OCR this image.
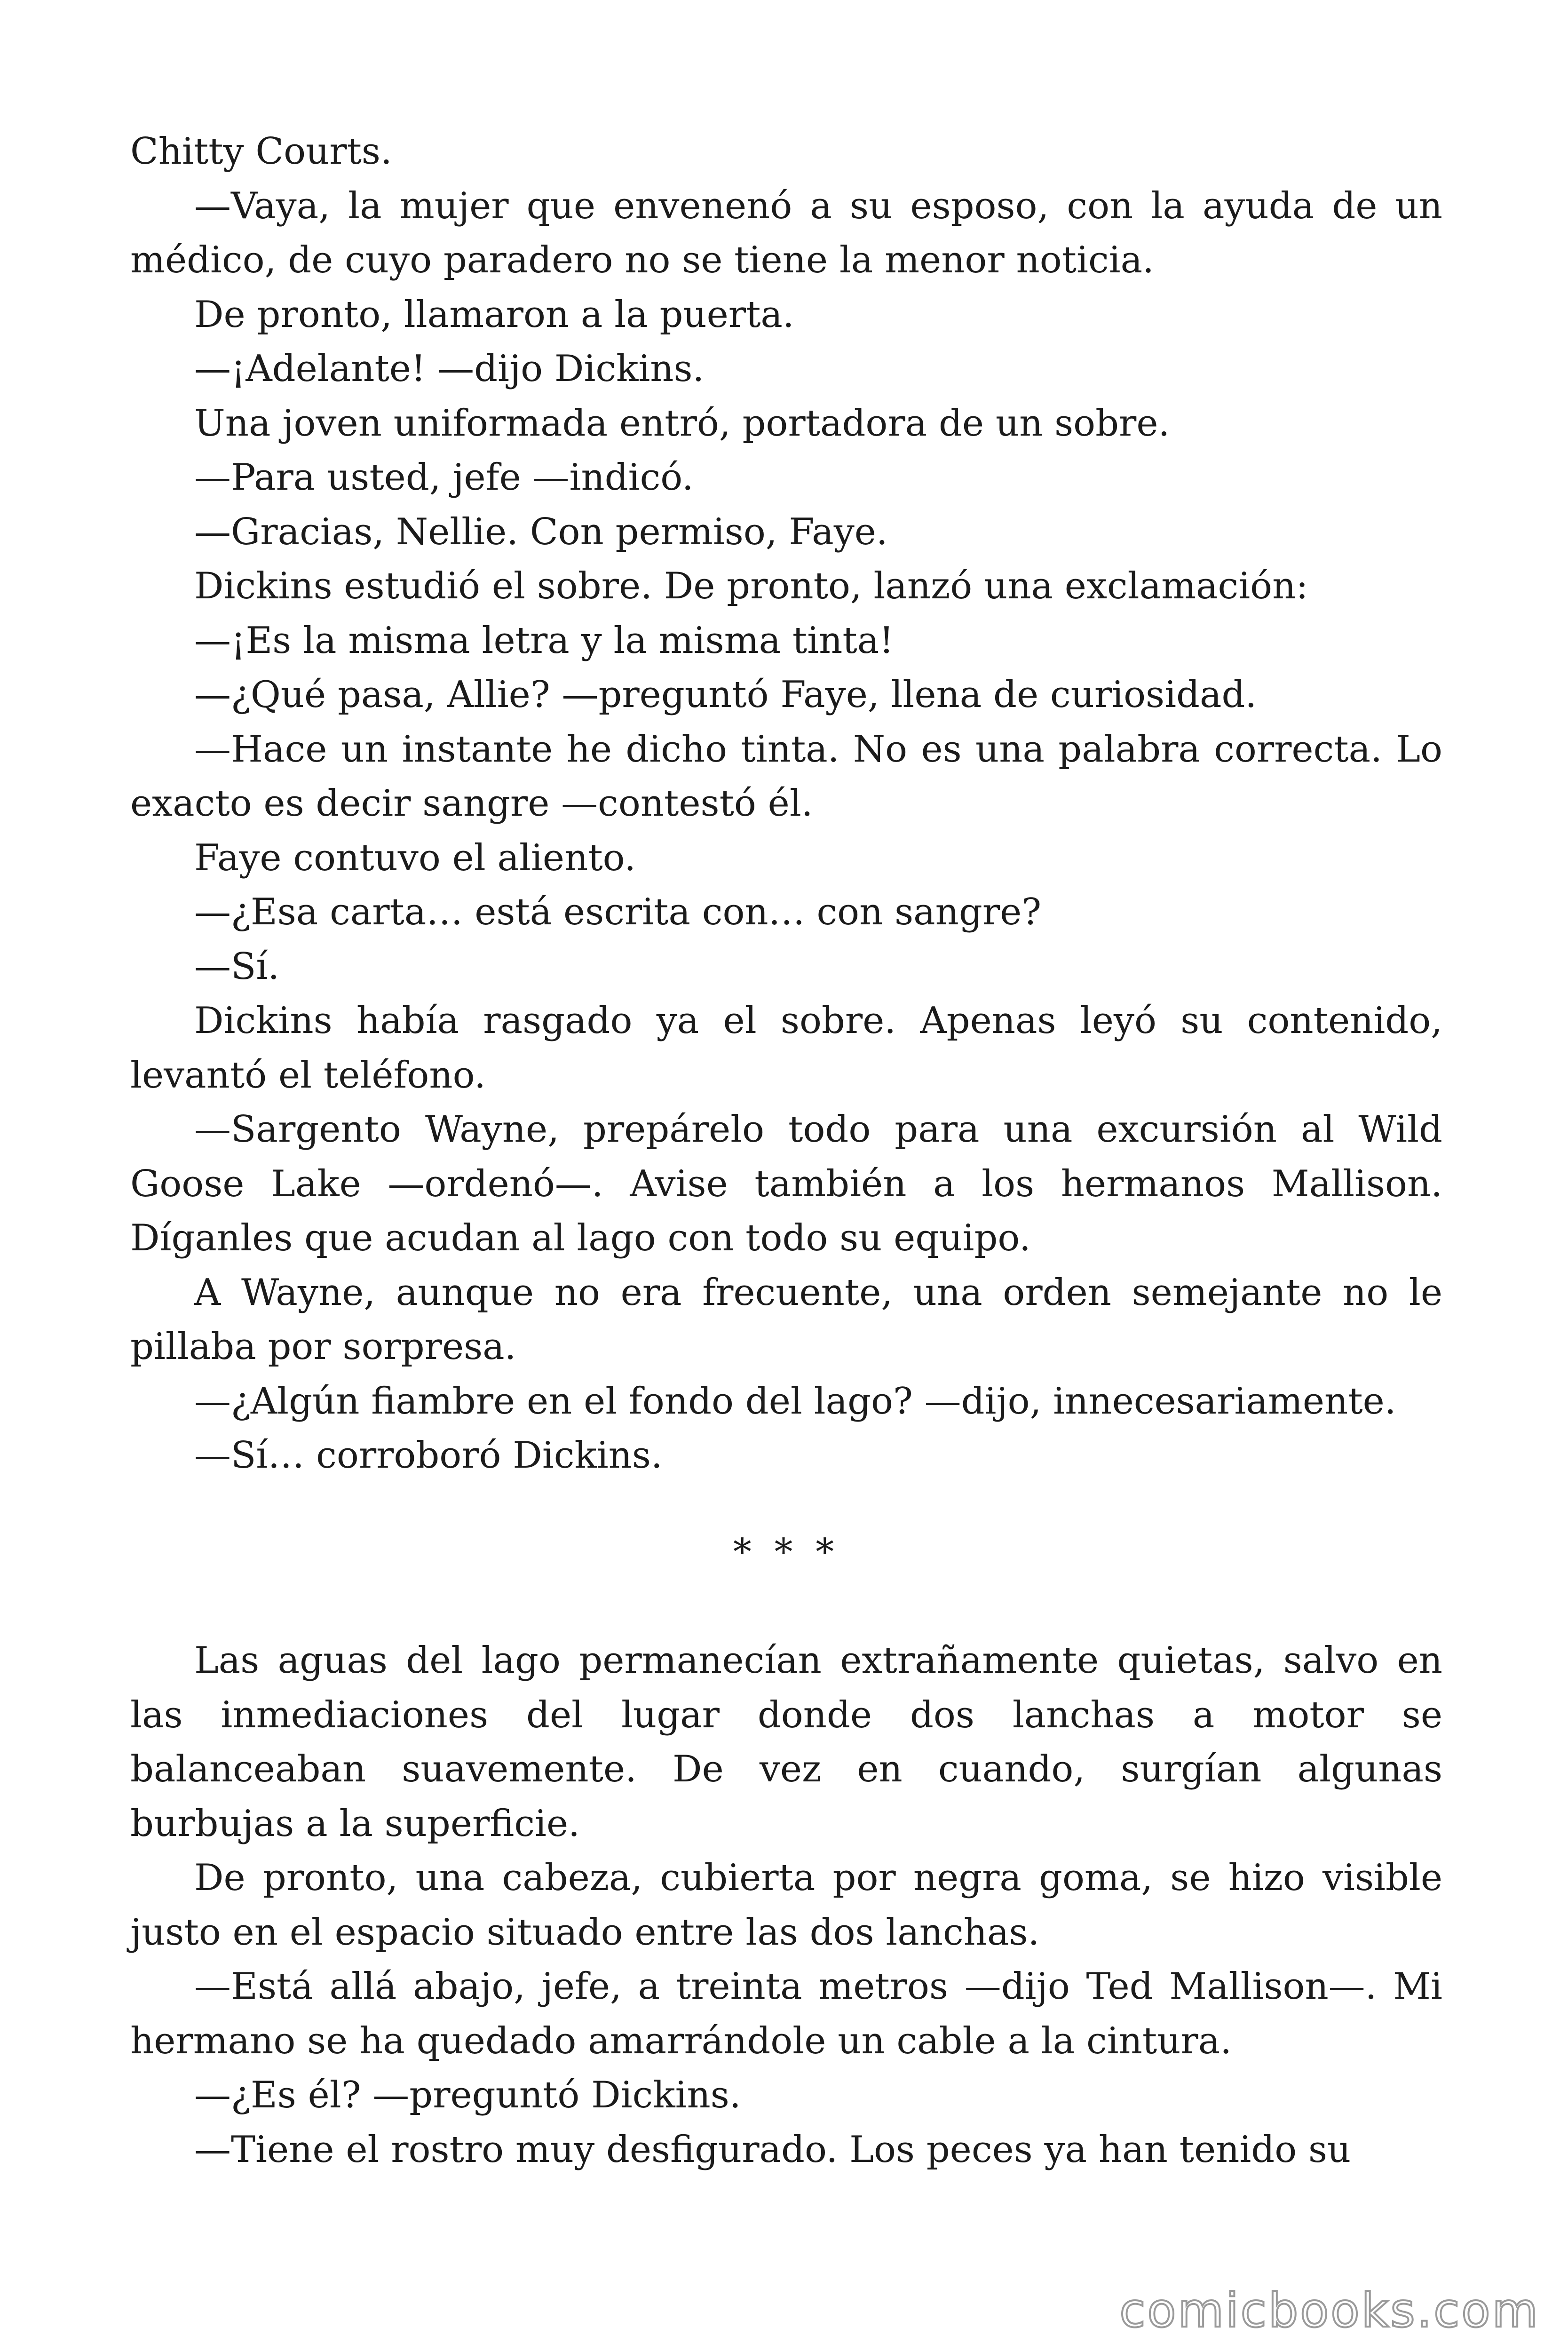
Chitty Courts.

—Vaya, la mujer que envenenó a su esposo, con la ayuda de un médico, de cuyo paradero no se tiene la menor noticia.

De pronto, llamaron a la puerta.

—¡Adelante! —dijo Dickins.

Una joven uniformada entró, portadora de un sobre.

—Para usted, jefe —indicó.

—Gracias, Nellie. Con permiso, Faye.

Dickins estudió el sobre. De pronto, lanzó una exclamación:

—¡Es la misma letra y la misma tinta!

—¿Qué pasa, Allie? —preguntó Faye, llena de curiosidad.

—Hace un instante he dicho tinta. No es una palabra correcta. Lo exacto es decir sangre —contestó él.

Faye contuvo el aliento.

—¿Esa carta… está escrita con… con sangre?

—Sí.

Dickins había rasgado ya el sobre. Apenas leyó su contenido, levantó el teléfono.

—Sargento Wayne, prepárelo todo para una excursión al Wild Goose Lake —ordenó—. Avise también a los hermanos Mallison. Díganles que acudan al lago con todo su equipo.

A Wayne, aunque no era frecuente, una orden semejante no le pillaba por sorpresa.

—¿Algún fiambre en el fondo del lago? —dijo, innecesariamente.

—Sí… corroboró Dickins.

* * *

Las aguas del lago permanecían extrañamente quietas, salvo en las inmediaciones del lugar donde dos lanchas a motor se balanceaban suavemente. De vez en cuando, surgían algunas burbujas a la superficie.

De pronto, una cabeza, cubierta por negra goma, se hizo visible justo en el espacio situado entre las dos lanchas.

—Está allá abajo, jefe, a treinta metros —dijo Ted Mallison—. Mi hermano se ha quedado amarrándole un cable a la cintura.

—¿Es él? —preguntó Dickins.

—Tiene el rostro muy desfigurado. Los peces ya han tenido su

comicbooks.com
